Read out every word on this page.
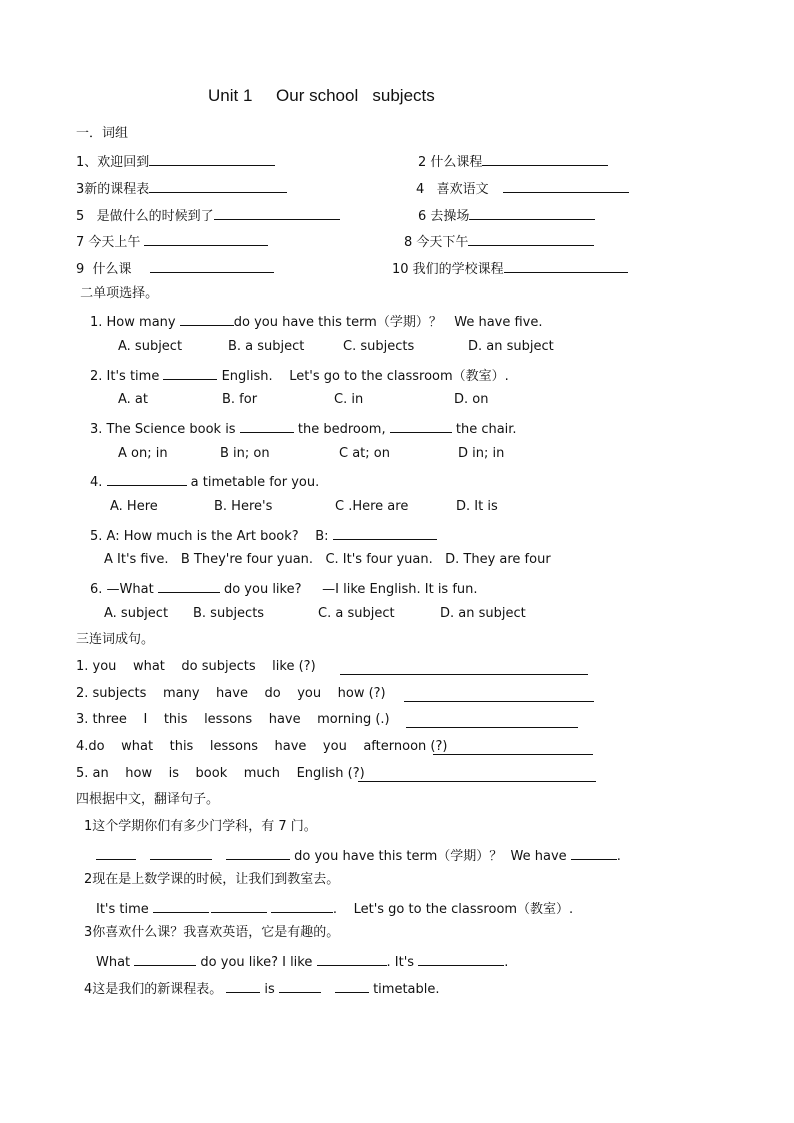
Unit 1     Our school   subjects
一．词组
1、欢迎回到	2 什么课程
3新的课程表	4   喜欢语文
5   是做什么的时候到了	6 去操场
7 今天上午	8 今天下午
9  什么课	10 我们的学校课程
二单项选择。
1. How many	do you have this term（学期）？   We have five.
A. subject	B. a subject	C. subjects	D. an subject
2. It's time	English.    Let's go to the classroom（教室）.
A. at	B. for	C. in	D. on
3. The Science book is	the bedroom,	the chair.
A on; in	B in; on	C at; on	D in; in
4.	a timetable for you.
A. Here	B. Here's	C .Here are	D. It is
5. A: How much is the Art book?    B:
A It's five.   B They're four yuan.   C. It's four yuan.   D. They are four
6. —What	do you like?     —I like English. It is fun.
A. subject B. subjects	C. a subject	D. an subject
三连词成句。
1. you    what    do subjects    like (?)
2. subjects    many    have    do    you    how (?)
3. three    I    this    lessons    have    morning (.)
4.do    what    this    lessons    have    you    afternoon (?)
5. an    how    is    book    much    English (?)
四根据中文，翻译句子。
1这个学期你们有多少门学科，有 7 门。
do you have this term（学期）？  We have	.
2现在是上数学课的时候，让我们到教室去。
It's time	.    Let's go to the classroom（教室）.
3你喜欢什么课？我喜欢英语，它是有趣的。
What	do you like? I like	. It's	.
4这是我们的新课程表。	is	timetable.
